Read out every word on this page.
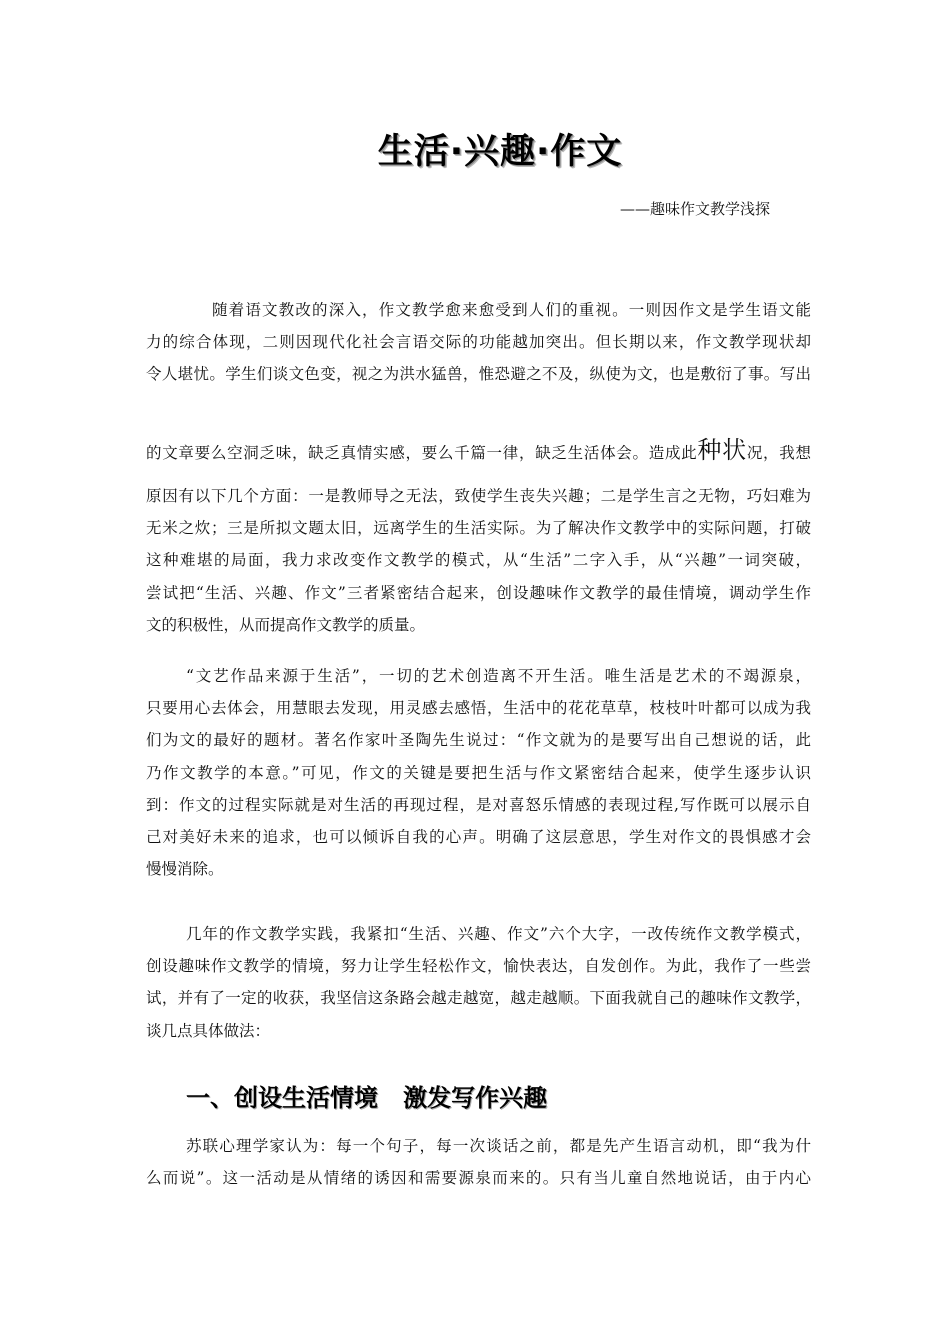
生活·兴趣·作文
——趣味作文教学浅探
随着语文教改的深入，作文教学愈来愈受到人们的重视。一则因作文是学生语文能
力的综合体现，二则因现代化社会言语交际的功能越加突出。但长期以来，作文教学现状却
令人堪忧。学生们谈文色变，视之为洪水猛兽，惟恐避之不及，纵使为文，也是敷衍了事。写出
的文章要么空洞乏味，缺乏真情实感，要么千篇一律，缺乏生活体会。造成此种状况，我想
原因有以下几个方面：一是教师导之无法，致使学生丧失兴趣；二是学生言之无物，巧妇难为
无米之炊；三是所拟文题太旧，远离学生的生活实际。为了解决作文教学中的实际问题，打破
这种难堪的局面，我力求改变作文教学的模式，从“生活”二字入手，从“兴趣”一词突破，
尝试把“生活、兴趣、作文”三者紧密结合起来，创设趣味作文教学的最佳情境，调动学生作
文的积极性，从而提高作文教学的质量。
“文艺作品来源于生活”，一切的艺术创造离不开生活。唯生活是艺术的不竭源泉，
只要用心去体会，用慧眼去发现，用灵感去感悟，生活中的花花草草，枝枝叶叶都可以成为我
们为文的最好的题材。著名作家叶圣陶先生说过：“作文就为的是要写出自己想说的话，此
乃作文教学的本意。”可见，作文的关键是要把生活与作文紧密结合起来，使学生逐步认识
到：作文的过程实际就是对生活的再现过程，是对喜怒乐情感的表现过程,写作既可以展示自
己对美好未来的追求，也可以倾诉自我的心声。明确了这层意思，学生对作文的畏惧感才会
慢慢消除。
几年的作文教学实践，我紧扣“生活、兴趣、作文”六个大字，一改传统作文教学模式，
创设趣味作文教学的情境，努力让学生轻松作文，愉快表达，自发创作。为此，我作了一些尝
试，并有了一定的收获，我坚信这条路会越走越宽，越走越顺。下面我就自己的趣味作文教学，
谈几点具体做法：
一、创设生活情境   激发写作兴趣
苏联心理学家认为：每一个句子，每一次谈话之前，都是先产生语言动机，即“我为什
么而说”。这一活动是从情绪的诱因和需要源泉而来的。只有当儿童自然地说话，由于内心
